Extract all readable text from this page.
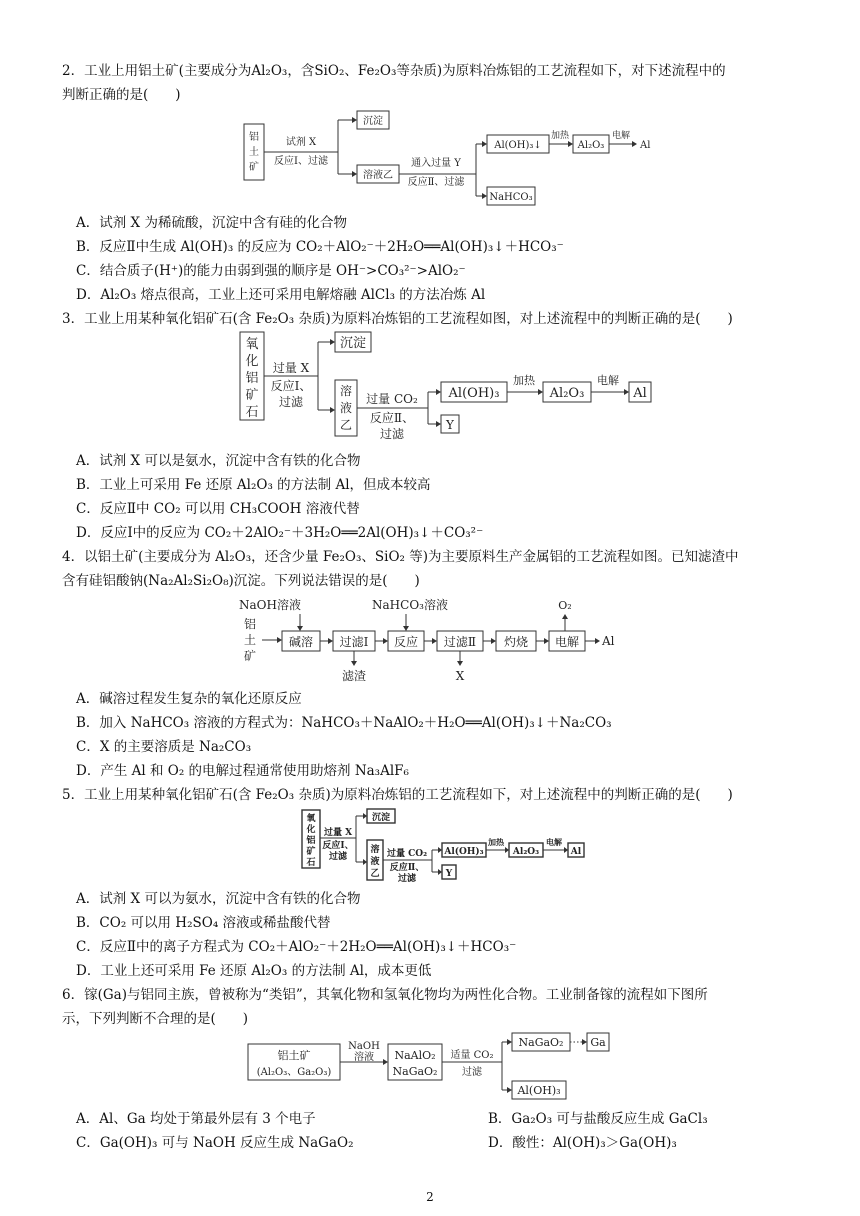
2．工业上用铝土矿(主要成分为Al₂O₃，含SiO₂、Fe₂O₃等杂质)为原料冶炼铝的工艺流程如下，对下述流程中的
判断正确的是(　　)
铝
土
矿
试剂 X
反应Ⅰ、过滤
沉淀
溶液乙
通入过量 Y
反应Ⅱ、过滤
Al(OH)₃↓
加热
Al₂O₃
电解
Al
NaHCO₃
A．试剂 X 为稀硫酸，沉淀中含有硅的化合物
B．反应Ⅱ中生成 Al(OH)₃ 的反应为 CO₂＋AlO₂⁻＋2H₂O══Al(OH)₃↓＋HCO₃⁻
C．结合质子(H⁺)的能力由弱到强的顺序是 OH⁻>CO₃²⁻>AlO₂⁻
D．Al₂O₃ 熔点很高，工业上还可采用电解熔融 AlCl₃ 的方法冶炼 Al
3．工业上用某种氧化铝矿石(含 Fe₂O₃ 杂质)为原料冶炼铝的工艺流程如图，对上述流程中的判断正确的是(　　)
氧
化
铝
矿
石
过量 X
反应Ⅰ、
过滤
沉淀
溶
液
乙
过量 CO₂
反应Ⅱ、
过滤
Al(OH)₃
加热
Al₂O₃
电解
Al
Y
A．试剂 X 可以是氨水，沉淀中含有铁的化合物
B．工业上可采用 Fe 还原 Al₂O₃ 的方法制 Al，但成本较高
C．反应Ⅱ中 CO₂ 可以用 CH₃COOH 溶液代替
D．反应Ⅰ中的反应为 CO₂＋2AlO₂⁻＋3H₂O══2Al(OH)₃↓＋CO₃²⁻
4．以铝土矿(主要成分为 Al₂O₃，还含少量 Fe₂O₃、SiO₂ 等)为主要原料生产金属铝的工艺流程如图。已知滤渣中
含有硅铝酸钠(Na₂Al₂Si₂O₈)沉淀。下列说法错误的是(　　)
NaOH溶液	NaHCO₃溶液	O₂
铝
土
矿
碱溶 过滤Ⅰ
滤渣
反应 过滤Ⅱ
X
灼烧 电解 Al
A．碱溶过程发生复杂的氧化还原反应
B．加入 NaHCO₃ 溶液的方程式为：NaHCO₃＋NaAlO₂＋H₂O══Al(OH)₃↓＋Na₂CO₃
C．X 的主要溶质是 Na₂CO₃
D．产生 Al 和 O₂ 的电解过程通常使用助熔剂 Na₃AlF₆
5．工业上用某种氧化铝矿石(含 Fe₂O₃ 杂质)为原料冶炼铝的工艺流程如下，对上述流程中的判断正确的是(　　)
氧
化
铝
矿
石
过量 X
反应Ⅰ、
过滤
沉淀
溶
液
乙
过量 CO₂
反应Ⅱ、
过滤
Al(OH)₃
加热
Al₂O₃
电解
Al
Y
A．试剂 X 可以为氨水，沉淀中含有铁的化合物
B．CO₂ 可以用 H₂SO₄ 溶液或稀盐酸代替
C．反应Ⅱ中的离子方程式为 CO₂＋AlO₂⁻＋2H₂O══Al(OH)₃↓＋HCO₃⁻
D．工业上还可采用 Fe 还原 Al₂O₃ 的方法制 Al，成本更低
6．镓(Ga)与铝同主族，曾被称为“类铝”，其氧化物和氢氧化物均为两性化合物。工业制备镓的流程如下图所
示，下列判断不合理的是(　　)
铝土矿
(Al₂O₃、Ga₂O₃)
NaOH
溶液 NaAlO₂
NaGaO₂
适量 CO₂
过滤
NaGaO₂ Ga
Al(OH)₃
A．Al、Ga 均处于第最外层有 3 个电子	B．Ga₂O₃ 可与盐酸反应生成 GaCl₃
C．Ga(OH)₃ 可与 NaOH 反应生成 NaGaO₂	D．酸性：Al(OH)₃＞Ga(OH)₃
2
